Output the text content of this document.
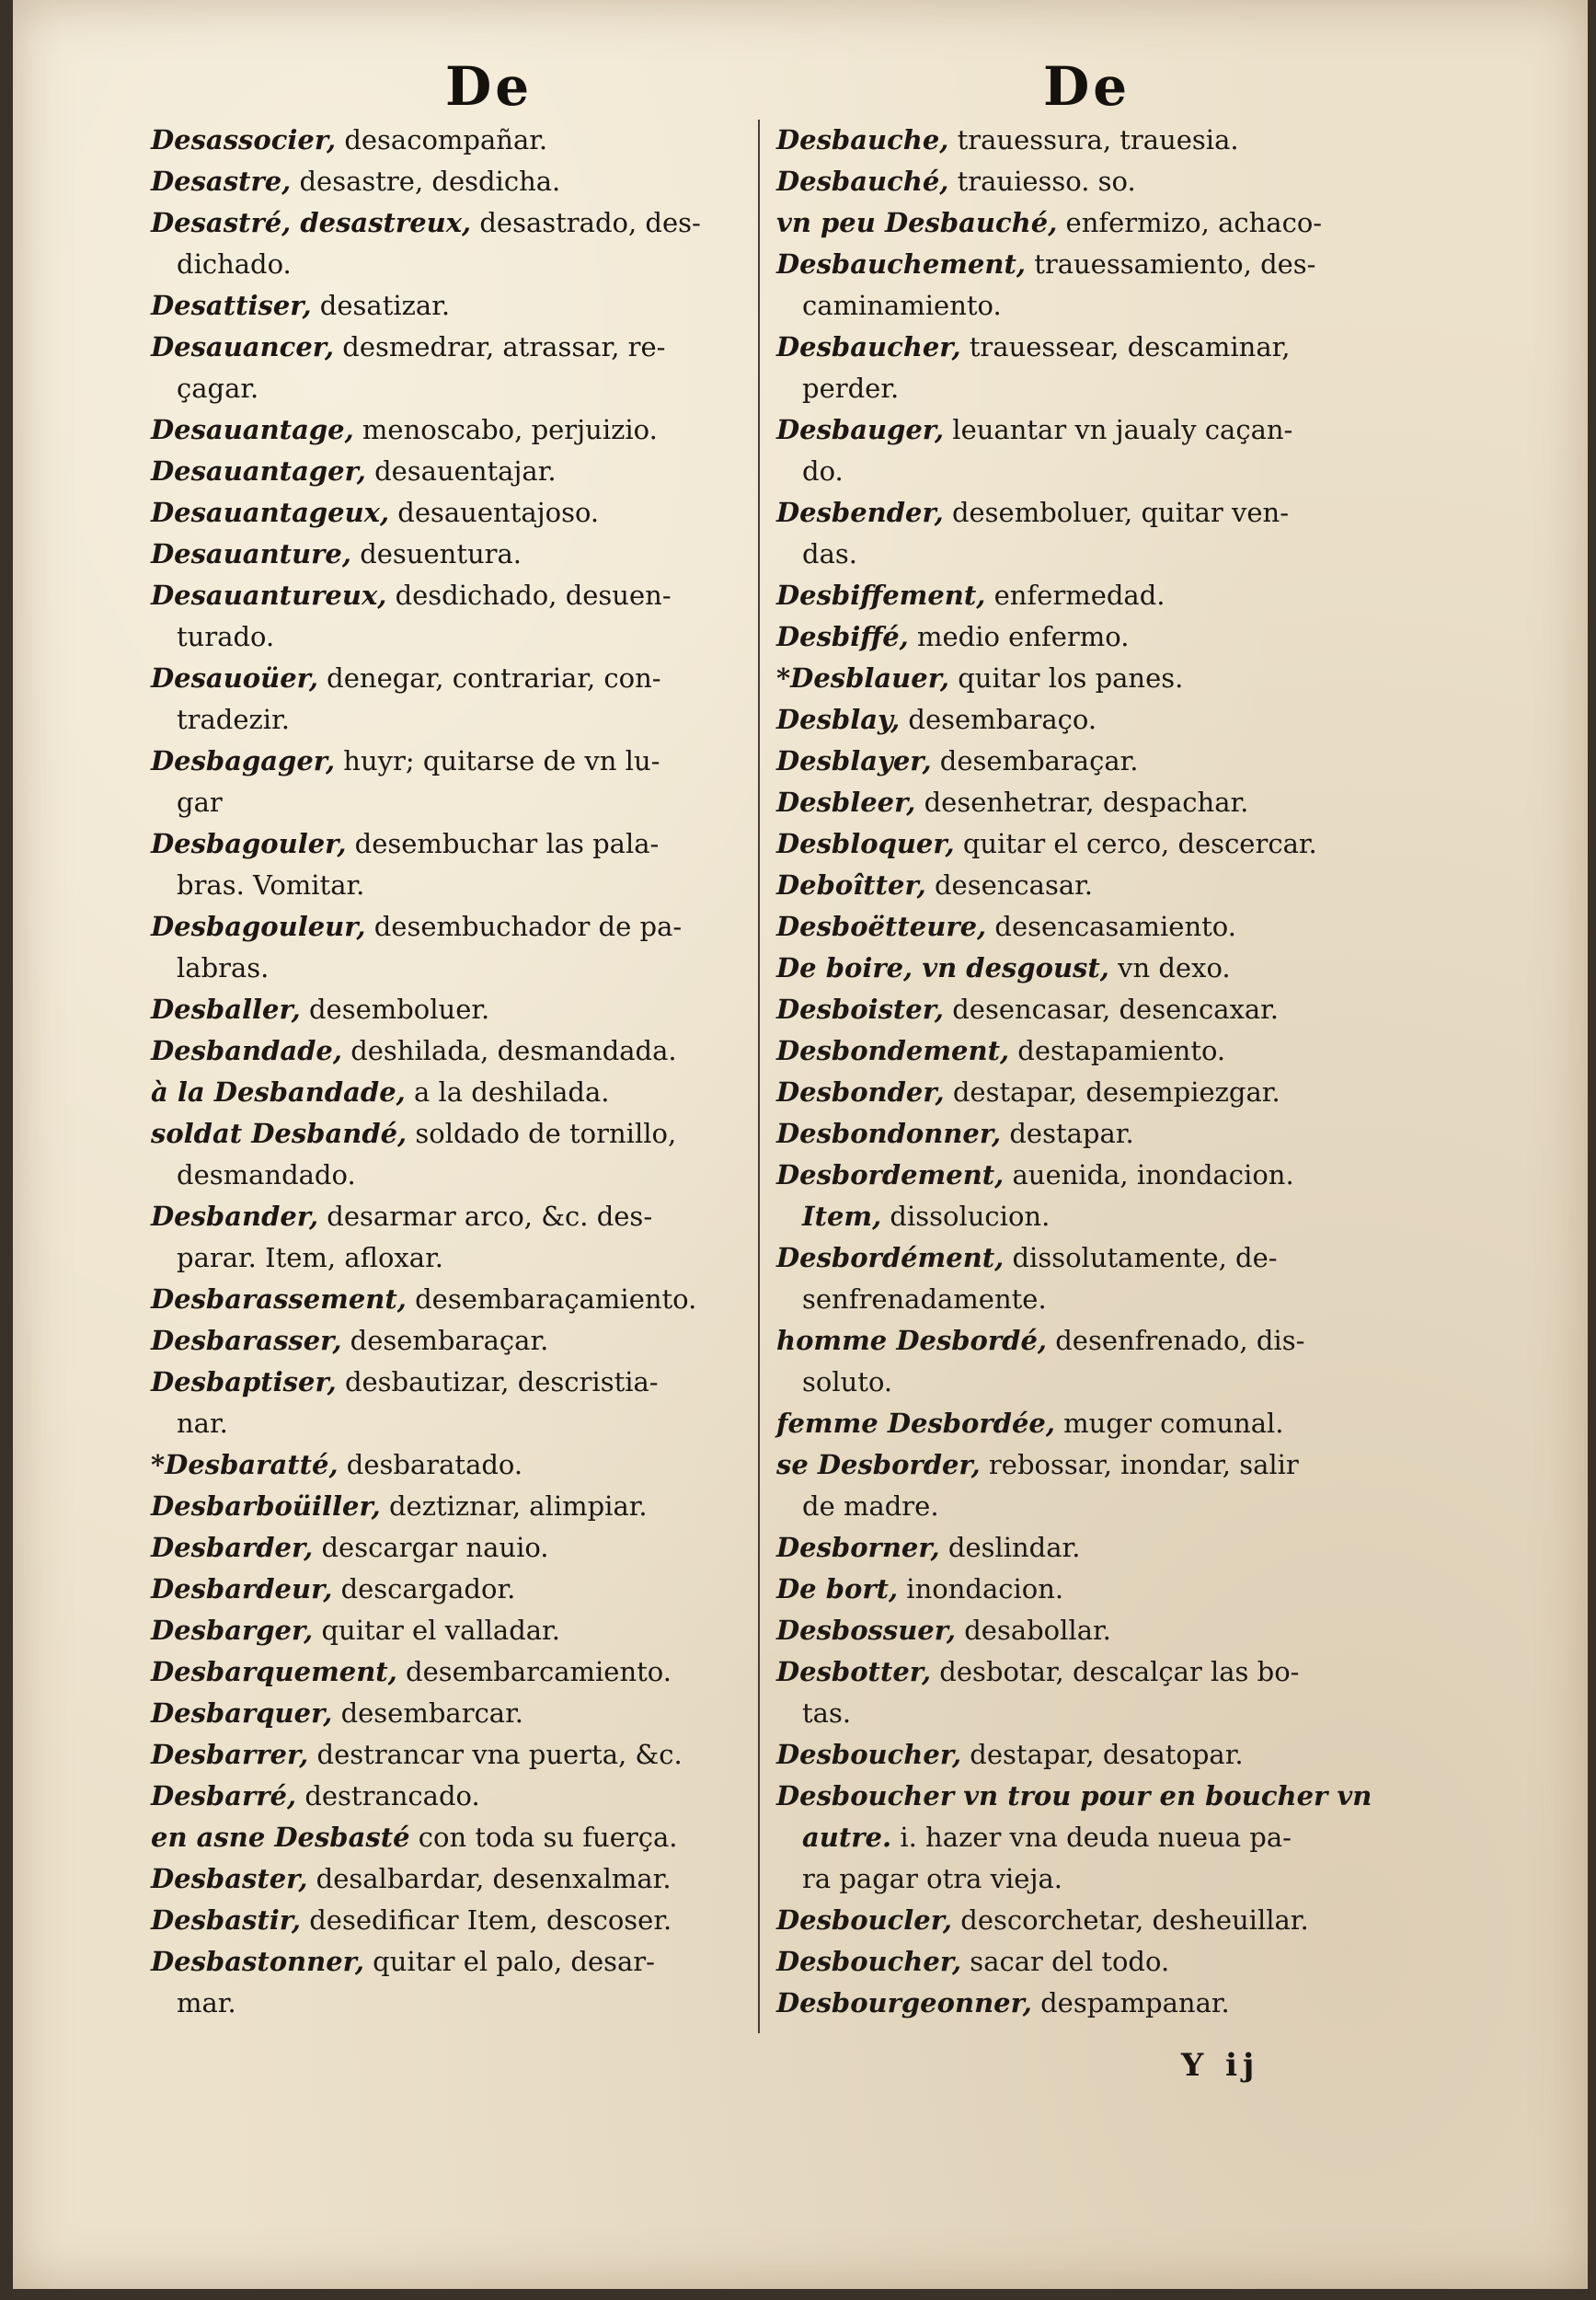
De	De
Desassocier, desacompañar.
Desastre, desastre, desdicha.
Desastré, desastreux, desastrado, des-
dichado.
Desattiser, desatizar.
Desauancer, desmedrar, atrassar, re-
çagar.
Desauantage, menoscabo, perjuizio.
Desauantager, desauentajar.
Desauantageux, desauentajoso.
Desauanture, desuentura.
Desauantureux, desdichado, desuen-
turado.
Desauoüer, denegar, contrariar, con-
tradezir.
Desbagager, huyr; quitarse de vn lu-
gar
Desbagouler, desembuchar las pala-
bras. Vomitar.
Desbagouleur, desembuchador de pa-
labras.
Desballer, desemboluer.
Desbandade, deshilada, desmandada.
à la Desbandade, a la deshilada.
soldat Desbandé, soldado de tornillo,
desmandado.
Desbander, desarmar arco, &c. des-
parar. Item, afloxar.
Desbarassement, desembaraçamiento.
Desbarasser, desembaraçar.
Desbaptiser, desbautizar, descristia-
nar.
*Desbaratté, desbaratado.
Desbarboüiller, deztiznar, alimpiar.
Desbarder, descargar nauio.
Desbardeur, descargador.
Desbarger, quitar el valladar.
Desbarquement, desembarcamiento.
Desbarquer, desembarcar.
Desbarrer, destrancar vna puerta, &c.
Desbarré, destrancado.
en asne Desbasté con toda su fuerça.
Desbaster, desalbardar, desenxalmar.
Desbastir, desedificar Item, descoser.
Desbastonner, quitar el palo, desar-
mar.
Desbauche, trauessura, trauesia.
Desbauché, trauiesso. so.
vn peu Desbauché, enfermizo, achaco-
Desbauchement, trauessamiento, des-
caminamiento.
Desbaucher, trauessear, descaminar,
perder.
Desbauger, leuantar vn jaualy caçan-
do.
Desbender, desemboluer, quitar ven-
das.
Desbiffement, enfermedad.
Desbiffé, medio enfermo.
*Desblauer, quitar los panes.
Desblay, desembaraço.
Desblayer, desembaraçar.
Desbleer, desenhetrar, despachar.
Desbloquer, quitar el cerco, descercar.
Deboîtter, desencasar.
Desboëtteure, desencasamiento.
De boire, vn desgoust, vn dexo.
Desboister, desencasar, desencaxar.
Desbondement, destapamiento.
Desbonder, destapar, desempiezgar.
Desbondonner, destapar.
Desbordement, auenida, inondacion.
Item, dissolucion.
Desbordément, dissolutamente, de-
senfrenadamente.
homme Desbordé, desenfrenado, dis-
soluto.
femme Desbordée, muger comunal.
se Desborder, rebossar, inondar, salir
de madre.
Desborner, deslindar.
De bort, inondacion.
Desbossuer, desabollar.
Desbotter, desbotar, descalçar las bo-
tas.
Desboucher, destapar, desatopar.
Desboucher vn trou pour en boucher vn
autre. i. hazer vna deuda nueua pa-
ra pagar otra vieja.
Desboucler, descorchetar, desheuillar.
Desboucher, sacar del todo.
Desbourgeonner, despampanar.
Y ij
